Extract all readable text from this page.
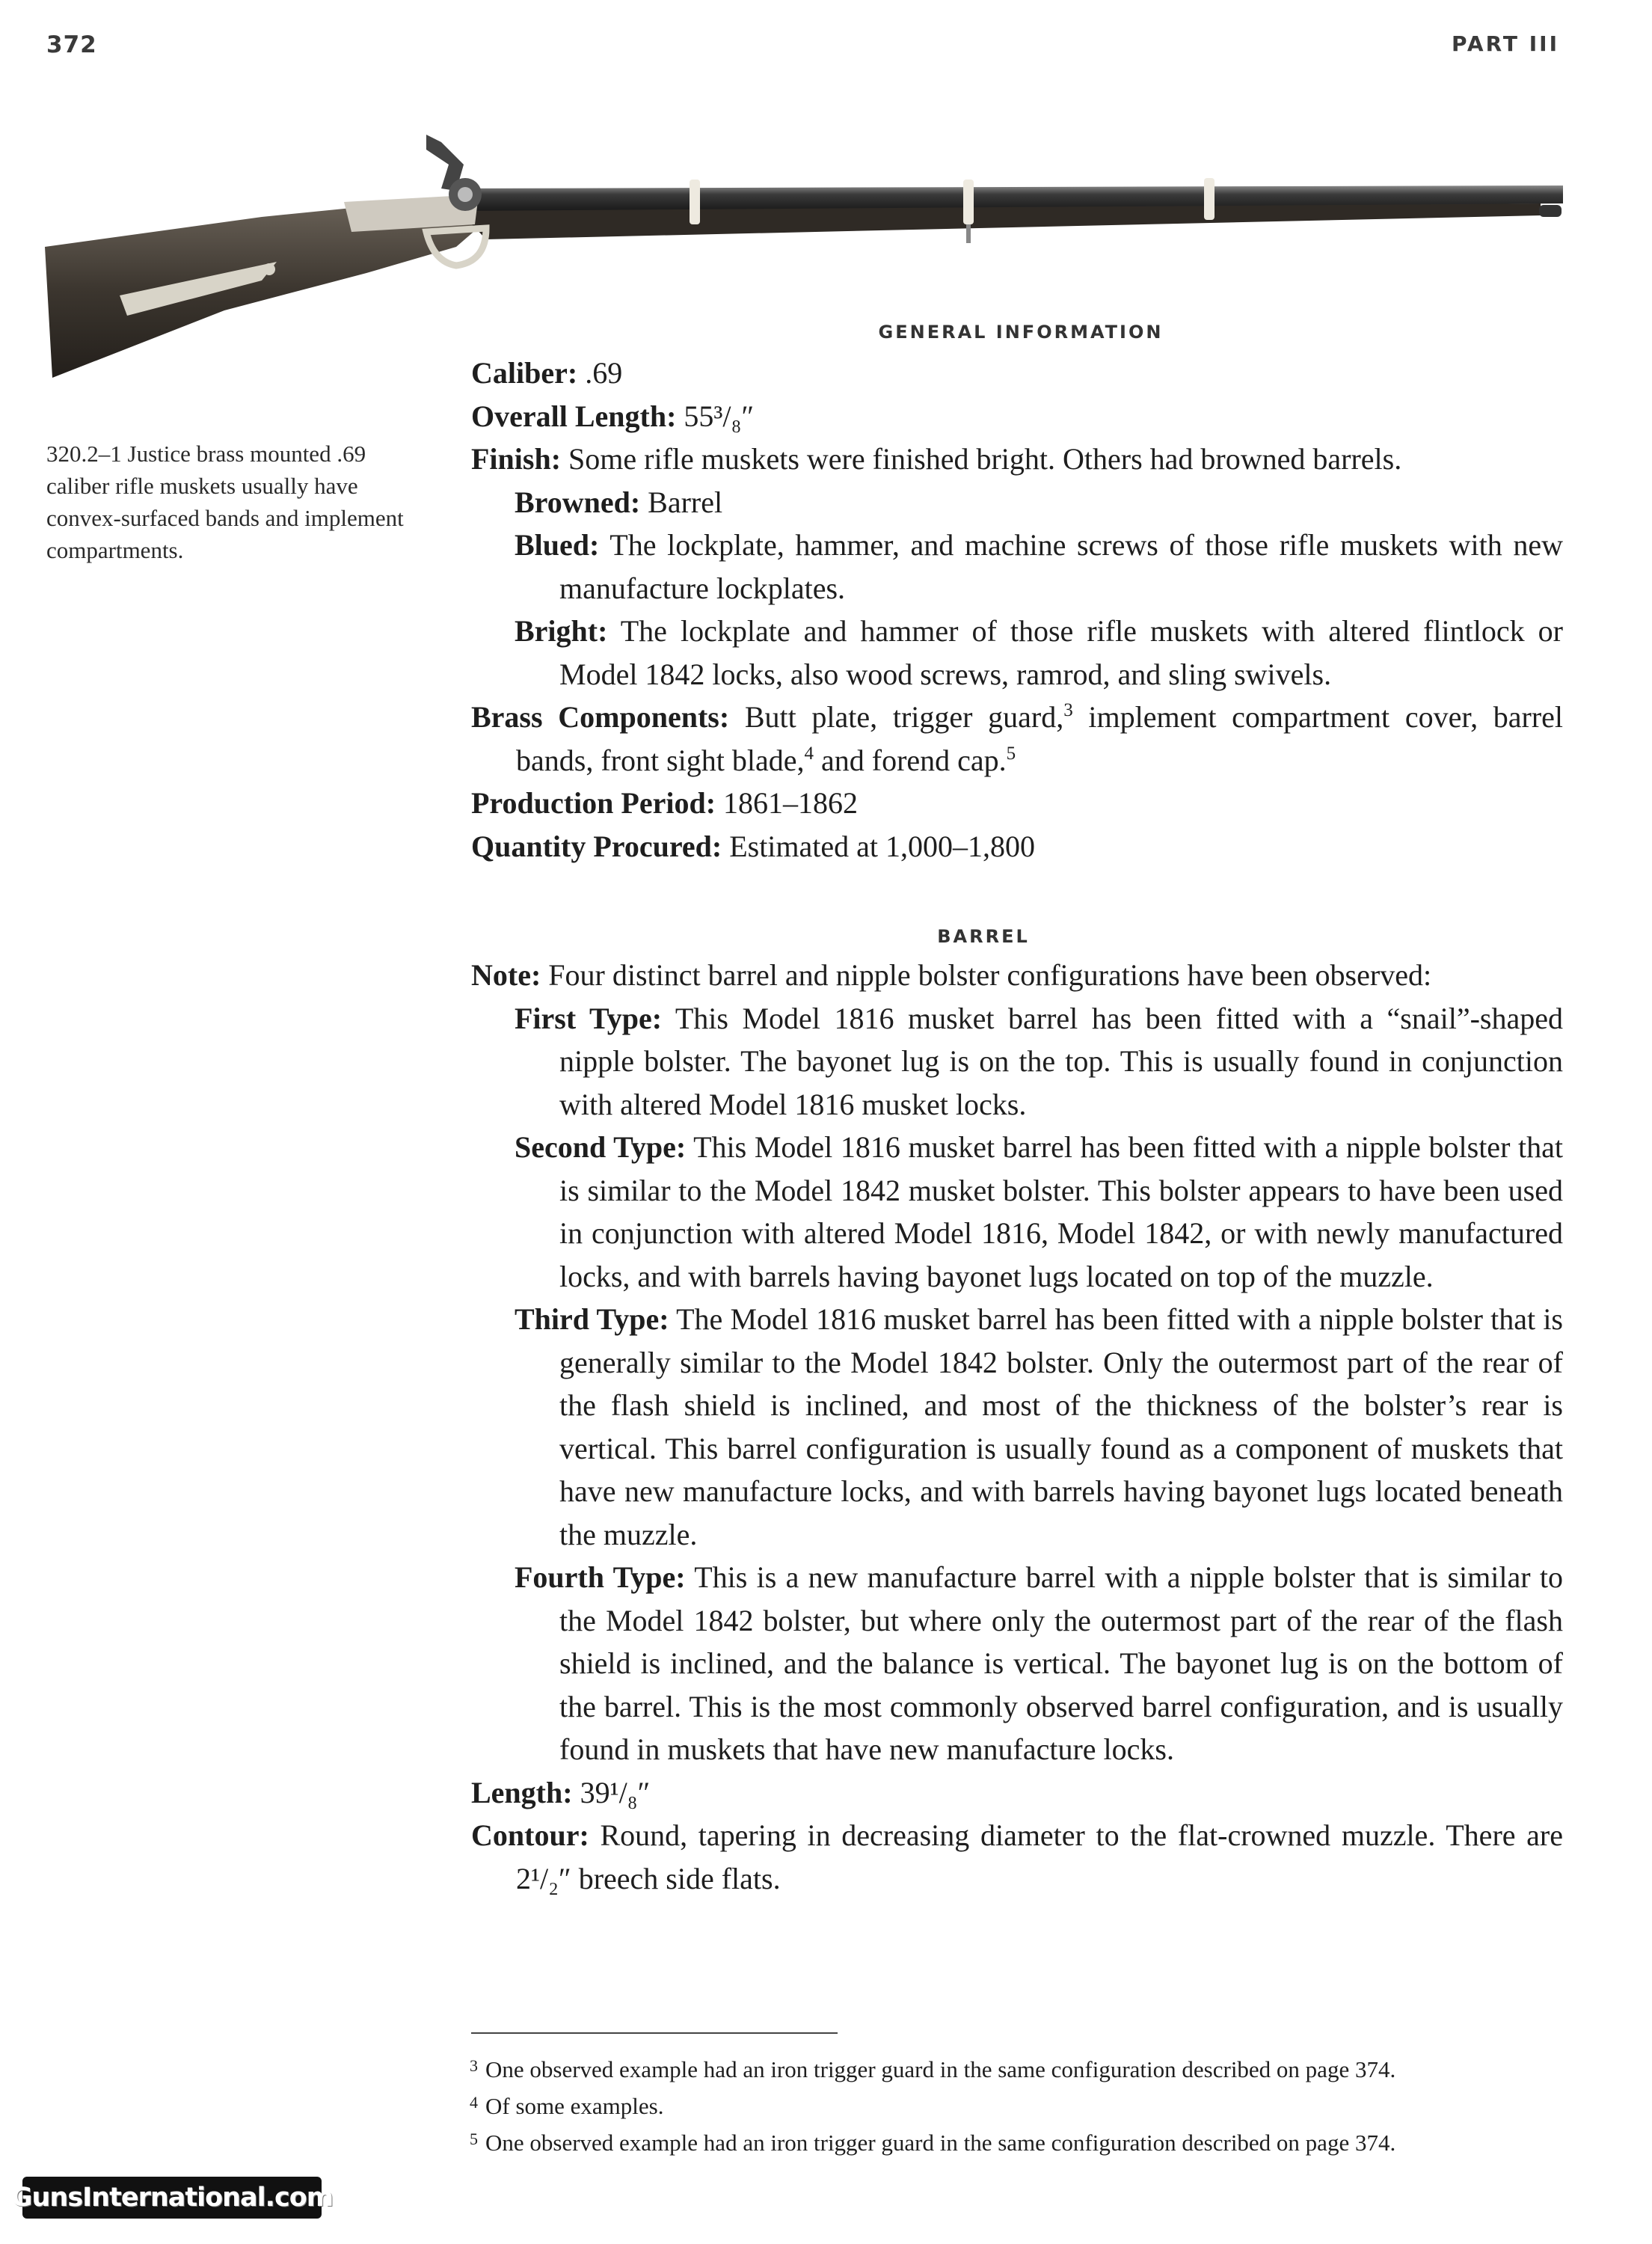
372	PART III
320.2–1 Justice brass mounted .69 caliber rifle muskets usually have convex-surfaced bands and implement compartments.
GENERAL INFORMATION

Caliber: .69

Overall Length: 55³/₈″

Finish: Some rifle muskets were finished bright. Others had browned barrels.

Browned: Barrel

Blued: The lockplate, hammer, and machine screws of those rifle muskets with new manufacture lockplates.

Bright: The lockplate and hammer of those rifle muskets with altered flintlock or Model 1842 locks, also wood screws, ramrod, and sling swivels.

Brass Components: Butt plate, trigger guard,$^3$ implement compartment cover, barrel bands, front sight blade,$^4$ and forend cap.$^5$

Production Period: 1861–1862

Quantity Procured: Estimated at 1,000–1,800

BARREL

Note: Four distinct barrel and nipple bolster configurations have been observed:

First Type: This Model 1816 musket barrel has been fitted with a “snail”-shaped nipple bolster. The bayonet lug is on the top. This is usually found in conjunction with altered Model 1816 musket locks.

Second Type: This Model 1816 musket barrel has been fitted with a nipple bolster that is similar to the Model 1842 musket bolster. This bolster appears to have been used in conjunction with altered Model 1816, Model 1842, or with newly manufactured locks, and with barrels having bayonet lugs located on top of the muzzle.

Third Type: The Model 1816 musket barrel has been fitted with a nipple bolster that is generally similar to the Model 1842 bolster. Only the outermost part of the rear of the flash shield is inclined, and most of the thickness of the bolster’s rear is vertical. This barrel configuration is usually found as a component of muskets that have new manufacture locks, and with barrels having bayonet lugs located beneath the muzzle.

Fourth Type: This is a new manufacture barrel with a nipple bolster that is similar to the Model 1842 bolster, but where only the outermost part of the rear of the flash shield is inclined, and the balance is vertical. The bayonet lug is on the bottom of the barrel. This is the most commonly observed barrel configuration, and is usually found in muskets that have new manufacture locks.

Length: 39¹/₈″

Contour: Round, tapering in decreasing diameter to the flat-crowned muzzle. There are 2¹/₂″ breech side flats.

$^3$ One observed example had an iron trigger guard in the same configuration described on page 374.

$^4$ Of some examples.

$^5$ One observed example had an iron trigger guard in the same configuration described on page 374.

GunsInternational.com
